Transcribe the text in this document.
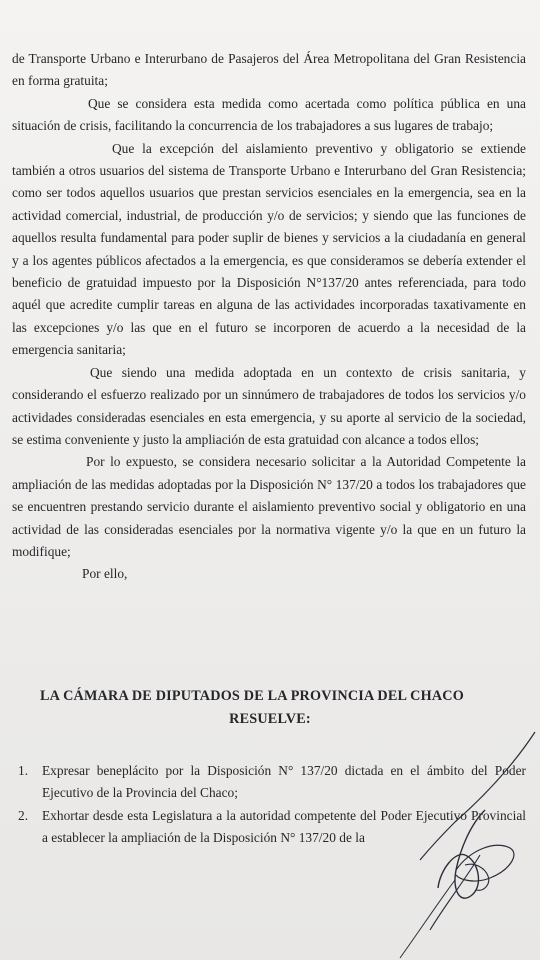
de Transporte Urbano e Interurbano de Pasajeros del Área Metropolitana del Gran Resistencia en forma gratuita;

Que se considera esta medida como acertada como política pública en una situación de crisis, facilitando la concurrencia de los trabajadores a sus lugares de trabajo;

Que la excepción del aislamiento preventivo y obligatorio se extiende también a otros usuarios del sistema de Transporte Urbano e Interurbano del Gran Resistencia; como ser todos aquellos usuarios que prestan servicios esenciales en la emergencia, sea en la actividad comercial, industrial, de producción y/o de servicios; y siendo que las funciones de aquellos resulta fundamental para poder suplir de bienes y servicios a la ciudadanía en general y a los agentes públicos afectados a la emergencia, es que consideramos se debería extender el beneficio de gratuidad impuesto por la Disposición N°137/20 antes referenciada, para todo aquél que acredite cumplir tareas en alguna de las actividades incorporadas taxativamente en las excepciones y/o las que en el futuro se incorporen de acuerdo a la necesidad de la emergencia sanitaria;

Que siendo una medida adoptada en un contexto de crisis sanitaria, y considerando el esfuerzo realizado por un sinnúmero de trabajadores de todos los servicios y/o actividades consideradas esenciales en esta emergencia, y su aporte al servicio de la sociedad, se estima conveniente y justo la ampliación de esta gratuidad con alcance a todos ellos;

Por lo expuesto, se considera necesario solicitar a la Autoridad Competente la ampliación de las medidas adoptadas por la Disposición N° 137/20 a todos los trabajadores que se encuentren prestando servicio durante el aislamiento preventivo social y obligatorio en una actividad de las consideradas esenciales por la normativa vigente y/o la que en un futuro la modifique;

Por ello,

LA CÁMARA DE DIPUTADOS DE LA PROVINCIA DEL CHACO
RESUELVE:
1.	Expresar beneplácito por la Disposición N° 137/20 dictada en el ámbito del Poder Ejecutivo de la Provincia del Chaco;
2.	Exhortar desde esta Legislatura a la autoridad competente del Poder Ejecutivo Provincial a establecer la ampliación de la Disposición N° 137/20 de la
